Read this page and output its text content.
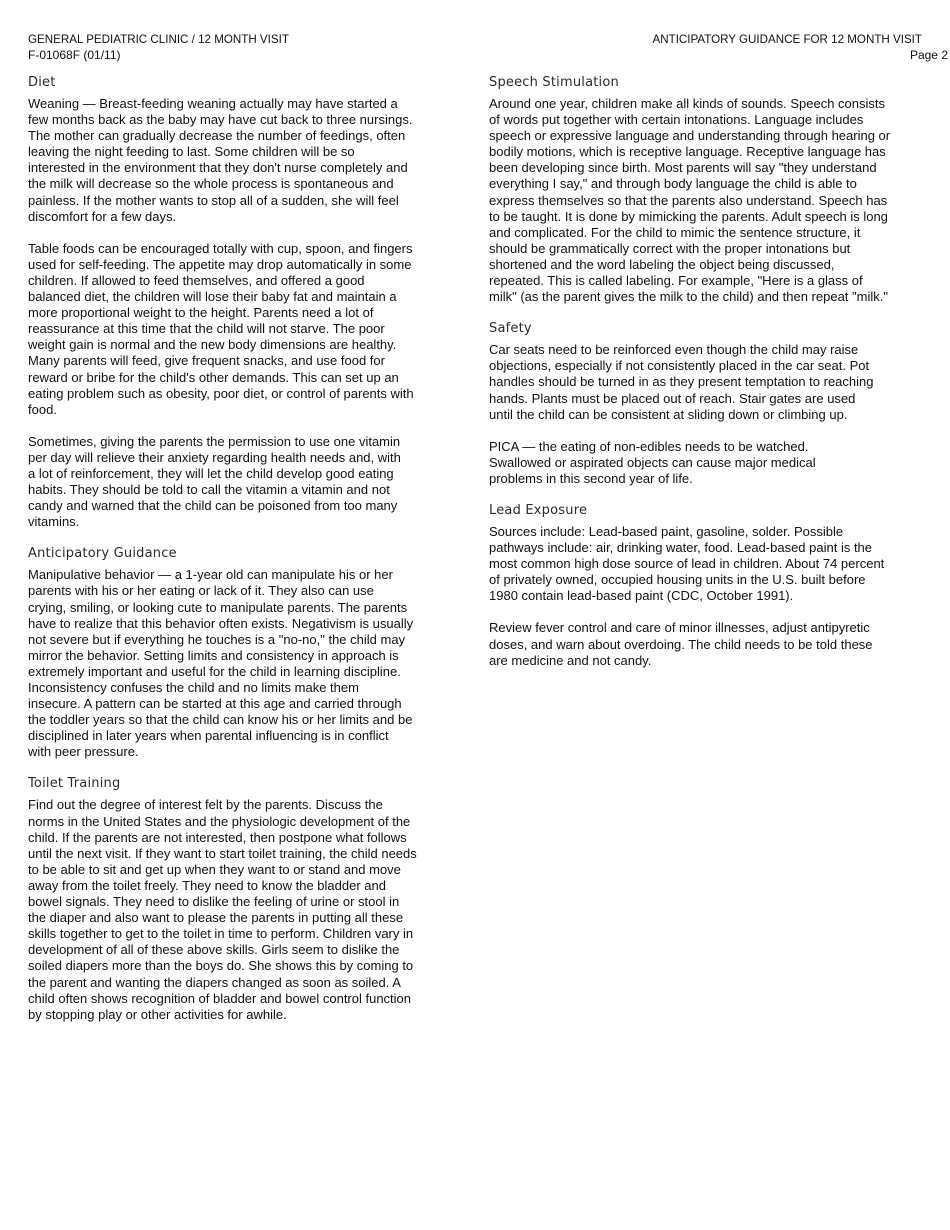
GENERAL PEDIATRIC CLINIC / 12 MONTH VISIT
F-01068F (01/11)
ANTICIPATORY GUIDANCE FOR 12 MONTH VISIT
Page 2
Diet

Weaning — Breast-feeding weaning actually may have started a
few months back as the baby may have cut back to three nursings.
The mother can gradually decrease the number of feedings, often
leaving the night feeding to last. Some children will be so
interested in the environment that they don't nurse completely and
the milk will decrease so the whole process is spontaneous and
painless. If the mother wants to stop all of a sudden, she will feel
discomfort for a few days.

Table foods can be encouraged totally with cup, spoon, and fingers
used for self-feeding. The appetite may drop automatically in some
children. If allowed to feed themselves, and offered a good
balanced diet, the children will lose their baby fat and maintain a
more proportional weight to the height. Parents need a lot of
reassurance at this time that the child will not starve. The poor
weight gain is normal and the new body dimensions are healthy.
Many parents will feed, give frequent snacks, and use food for
reward or bribe for the child's other demands. This can set up an
eating problem such as obesity, poor diet, or control of parents with
food.

Sometimes, giving the parents the permission to use one vitamin
per day will relieve their anxiety regarding health needs and, with
a lot of reinforcement, they will let the child develop good eating
habits. They should be told to call the vitamin a vitamin and not
candy and warned that the child can be poisoned from too many
vitamins.

Anticipatory Guidance

Manipulative behavior — a 1-year old can manipulate his or her
parents with his or her eating or lack of it. They also can use
crying, smiling, or looking cute to manipulate parents. The parents
have to realize that this behavior often exists. Negativism is usually
not severe but if everything he touches is a "no-no," the child may
mirror the behavior. Setting limits and consistency in approach is
extremely important and useful for the child in learning discipline.
Inconsistency confuses the child and no limits make them
insecure. A pattern can be started at this age and carried through
the toddler years so that the child can know his or her limits and be
disciplined in later years when parental influencing is in conflict
with peer pressure.

Toilet Training

Find out the degree of interest felt by the parents. Discuss the
norms in the United States and the physiologic development of the
child. If the parents are not interested, then postpone what follows
until the next visit. If they want to start toilet training, the child needs
to be able to sit and get up when they want to or stand and move
away from the toilet freely. They need to know the bladder and
bowel signals. They need to dislike the feeling of urine or stool in
the diaper and also want to please the parents in putting all these
skills together to get to the toilet in time to perform. Children vary in
development of all of these above skills. Girls seem to dislike the
soiled diapers more than the boys do. She shows this by coming to
the parent and wanting the diapers changed as soon as soiled. A
child often shows recognition of bladder and bowel control function
by stopping play or other activities for awhile.

Speech Stimulation

Around one year, children make all kinds of sounds. Speech consists
of words put together with certain intonations. Language includes
speech or expressive language and understanding through hearing or
bodily motions, which is receptive language. Receptive language has
been developing since birth. Most parents will say "they understand
everything I say," and through body language the child is able to
express themselves so that the parents also understand. Speech has
to be taught. It is done by mimicking the parents. Adult speech is long
and complicated. For the child to mimic the sentence structure, it
should be grammatically correct with the proper intonations but
shortened and the word labeling the object being discussed,
repeated. This is called labeling. For example, "Here is a glass of
milk" (as the parent gives the milk to the child) and then repeat "milk."

Safety

Car seats need to be reinforced even though the child may raise
objections, especially if not consistently placed in the car seat. Pot
handles should be turned in as they present temptation to reaching
hands. Plants must be placed out of reach. Stair gates are used
until the child can be consistent at sliding down or climbing up.

PICA — the eating of non-edibles needs to be watched.
Swallowed or aspirated objects can cause major medical
problems in this second year of life.

Lead Exposure

Sources include: Lead-based paint, gasoline, solder. Possible
pathways include: air, drinking water, food. Lead-based paint is the
most common high dose source of lead in children. About 74 percent
of privately owned, occupied housing units in the U.S. built before
1980 contain lead-based paint (CDC, October 1991).

Review fever control and care of minor illnesses, adjust antipyretic
doses, and warn about overdoing. The child needs to be told these
are medicine and not candy.
